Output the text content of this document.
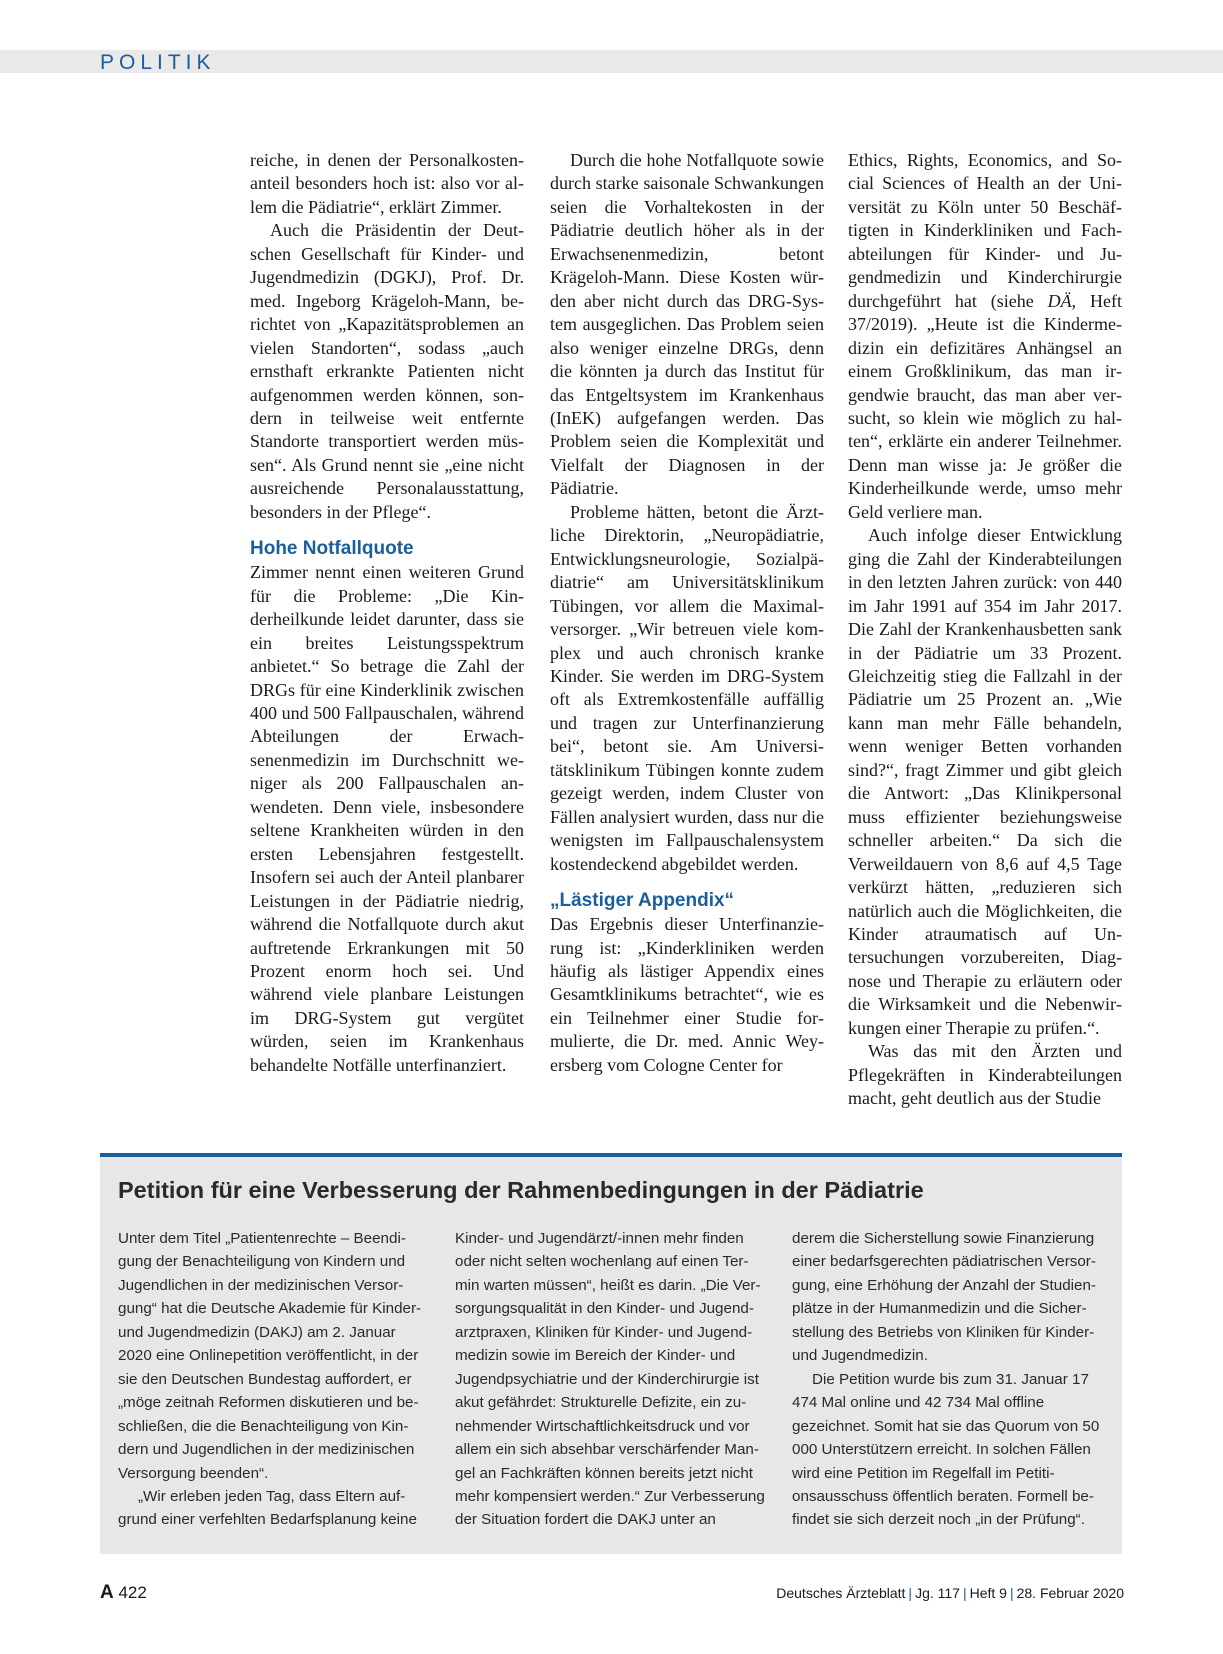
POLITIK

reiche, in denen der Personalkostenanteil besonders hoch ist: also vor allem die Pädiatrie“, erklärt Zimmer.

Auch die Präsidentin der Deutschen Gesellschaft für Kinder- und Jugendmedizin (DGKJ), Prof. Dr. med. Ingeborg Krägeloh-Mann, berichtet von „Kapazitätsproblemen an vielen Standorten“, sodass „auch ernsthaft erkrankte Patienten nicht aufgenommen werden können, sondern in teilweise weit entfernte Standorte transportiert werden müssen“. Als Grund nennt sie „eine nicht ausreichende Personalausstattung, besonders in der Pflege“.

Hohe Notfallquote

Zimmer nennt einen weiteren Grund für die Probleme: „Die Kinderheilkunde leidet darunter, dass sie ein breites Leistungsspektrum anbietet.“ So betrage die Zahl der DRGs für eine Kinderklinik zwischen 400 und 500 Fallpauschalen, während Abteilungen der Erwachsenenmedizin im Durchschnitt weniger als 200 Fallpauschalen anwendeten. Denn viele, insbesondere seltene Krankheiten würden in den ersten Lebensjahren festgestellt. Insofern sei auch der Anteil planbarer Leistungen in der Pädiatrie niedrig, während die Notfallquote durch akut auftretende Erkrankungen mit 50 Prozent enorm hoch sei. Und während viele planbare Leistungen im DRG-System gut vergütet würden, seien im Krankenhaus behandelte Notfälle unterfinanziert.

Durch die hohe Notfallquote sowie durch starke saisonale Schwankungen seien die Vorhaltekosten in der Pädiatrie deutlich höher als in der Erwachsenenmedizin, betont Krägeloh-Mann. Diese Kosten würden aber nicht durch das DRG-System ausgeglichen. Das Problem seien also weniger einzelne DRGs, denn die könnten ja durch das Institut für das Entgeltsystem im Krankenhaus (InEK) aufgefangen werden. Das Problem seien die Komplexität und Vielfalt der Diagnosen in der Pädiatrie.

Probleme hätten, betont die Ärztliche Direktorin, „Neuropädiatrie, Entwicklungsneurologie, Sozialpädiatrie“ am Universitätsklinikum Tübingen, vor allem die Maximalversorger. „Wir betreuen viele komplex und auch chronisch kranke Kinder. Sie werden im DRG-System oft als Extremkostenfälle auffällig und tragen zur Unterfinanzierung bei“, betont sie. Am Universitätsklinikum Tübingen konnte zudem gezeigt werden, indem Cluster von Fällen analysiert wurden, dass nur die wenigsten im Fallpauschalensystem kostendeckend abgebildet werden.

„Lästiger Appendix“

Das Ergebnis dieser Unterfinanzierung ist: „Kinderkliniken werden häufig als lästiger Appendix eines Gesamtklinikums betrachtet“, wie es ein Teilnehmer einer Studie formulierte, die Dr. med. Annic Weyersberg vom Cologne Center for

Ethics, Rights, Economics, and Social Sciences of Health an der Universität zu Köln unter 50 Beschäftigten in Kinderkliniken und Fachabteilungen für Kinder- und Jugendmedizin und Kinderchirurgie durchgeführt hat (siehe DÄ, Heft 37/2019). „Heute ist die Kindermedizin ein defizitäres Anhängsel an einem Großklinikum, das man irgendwie braucht, das man aber versucht, so klein wie möglich zu halten“, erklärte ein anderer Teilnehmer. Denn man wisse ja: Je größer die Kinderheilkunde werde, umso mehr Geld verliere man.

Auch infolge dieser Entwicklung ging die Zahl der Kinderabteilungen in den letzten Jahren zurück: von 440 im Jahr 1991 auf 354 im Jahr 2017. Die Zahl der Krankenhausbetten sank in der Pädiatrie um 33 Prozent. Gleichzeitig stieg die Fallzahl in der Pädiatrie um 25 Prozent an. „Wie kann man mehr Fälle behandeln, wenn weniger Betten vorhanden sind?“, fragt Zimmer und gibt gleich die Antwort: „Das Klinikpersonal muss effizienter beziehungsweise schneller arbeiten.“ Da sich die Verweildauern von 8,6 auf 4,5 Tage verkürzt hätten, „reduzieren sich natürlich auch die Möglichkeiten, die Kinder atraumatisch auf Untersuchungen vorzubereiten, Diagnose und Therapie zu erläutern oder die Wirksamkeit und die Nebenwirkungen einer Therapie zu prüfen.“.

Was das mit den Ärzten und Pflegekräften in Kinderabteilungen macht, geht deutlich aus der Studie

Petition für eine Verbesserung der Rahmenbedingungen in der Pädiatrie

Unter dem Titel „Patientenrechte – Beendigung der Benachteiligung von Kindern und Jugendlichen in der medizinischen Versorgung“ hat die Deutsche Akademie für Kinder- und Jugendmedizin (DAKJ) am 2. Januar 2020 eine Onlinepetition veröffentlicht, in der sie den Deutschen Bundestag auffordert, er „möge zeitnah Reformen diskutieren und beschließen, die die Benachteiligung von Kindern und Jugendlichen in der medizinischen Versorgung beenden“.

„Wir erleben jeden Tag, dass Eltern aufgrund einer verfehlten Bedarfsplanung keine

Kinder- und Jugendärzt/-innen mehr finden oder nicht selten wochenlang auf einen Termin warten müssen“, heißt es darin. „Die Versorgungsqualität in den Kinder- und Jugendarztpraxen, Kliniken für Kinder- und Jugendmedizin sowie im Bereich der Kinder- und Jugendpsychiatrie und der Kinderchirurgie ist akut gefährdet: Strukturelle Defizite, ein zunehmender Wirtschaftlichkeitsdruck und vor allem ein sich absehbar verschärfender Mangel an Fachkräften können bereits jetzt nicht mehr kompensiert werden.“ Zur Verbesserung der Situation fordert die DAKJ unter an

derem die Sicherstellung sowie Finanzierung einer bedarfsgerechten pädiatrischen Versorgung, eine Erhöhung der Anzahl der Studienplätze in der Humanmedizin und die Sicherstellung des Betriebs von Kliniken für Kinder- und Jugendmedizin.

Die Petition wurde bis zum 31. Januar 17 474 Mal online und 42 734 Mal offline gezeichnet. Somit hat sie das Quorum von 50 000 Unterstützern erreicht. In solchen Fällen wird eine Petition im Regelfall im Petitionsausschuss öffentlich beraten. Formell befindet sie sich derzeit noch „in der Prüfung“.

A 422	Deutsches Ärzteblatt | Jg. 117 | Heft 9 | 28. Februar 2020
